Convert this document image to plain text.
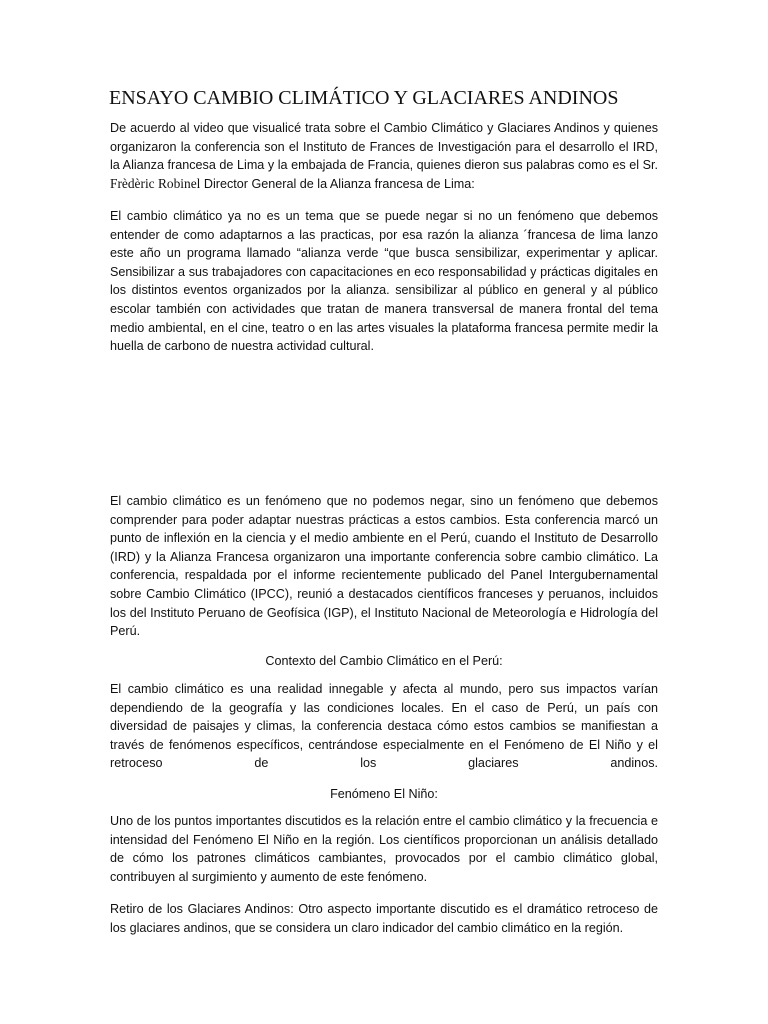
ENSAYO CAMBIO CLIMÁTICO Y GLACIARES ANDINOS

De acuerdo al video que visualicé trata sobre el Cambio Climático y Glaciares Andinos y quienes organizaron la conferencia son el Instituto de Frances de Investigación para el desarrollo el IRD, la Alianza francesa de Lima y la embajada de Francia, quienes dieron sus palabras como es el Sr. Frèdèric Robinel Director General de la Alianza francesa de Lima:

El cambio climático ya no es un tema que se puede negar si no un fenómeno que debemos entender de como adaptarnos a las practicas, por esa razón la alianza ´francesa de lima lanzo este año un programa llamado “alianza verde “que busca sensibilizar, experimentar y aplicar. Sensibilizar a sus trabajadores con capacitaciones en eco responsabilidad y prácticas digitales en los distintos eventos organizados por la alianza. sensibilizar al público en general y al público escolar también con actividades que tratan de manera transversal de manera frontal del tema medio ambiental, en el cine, teatro o en las artes visuales la plataforma francesa permite medir la huella de carbono de nuestra actividad cultural.

El cambio climático es un fenómeno que no podemos negar, sino un fenómeno que debemos comprender para poder adaptar nuestras prácticas a estos cambios. Esta conferencia marcó un punto de inflexión en la ciencia y el medio ambiente en el Perú, cuando el Instituto de Desarrollo (IRD) y la Alianza Francesa organizaron una importante conferencia sobre cambio climático. La conferencia, respaldada por el informe recientemente publicado del Panel Intergubernamental sobre Cambio Climático (IPCC), reunió a destacados científicos franceses y peruanos, incluidos los del Instituto Peruano de Geofísica (IGP), el Instituto Nacional de Meteorología e Hidrología del Perú.

Contexto del Cambio Climático en el Perú:

El cambio climático es una realidad innegable y afecta al mundo, pero sus impactos varían dependiendo de la geografía y las condiciones locales. En el caso de Perú, un país con diversidad de paisajes y climas, la conferencia destaca cómo estos cambios se manifiestan a través de fenómenos específicos, centrándose especialmente en el Fenómeno de El Niño y el retroceso de los glaciares andinos.

Fenómeno El Niño:

Uno de los puntos importantes discutidos es la relación entre el cambio climático y la frecuencia e intensidad del Fenómeno El Niño en la región. Los científicos proporcionan un análisis detallado de cómo los patrones climáticos cambiantes, provocados por el cambio climático global, contribuyen al surgimiento y aumento de este fenómeno.

Retiro de los Glaciares Andinos: Otro aspecto importante discutido es el dramático retroceso de los glaciares andinos, que se considera un claro indicador del cambio climático en la región.
